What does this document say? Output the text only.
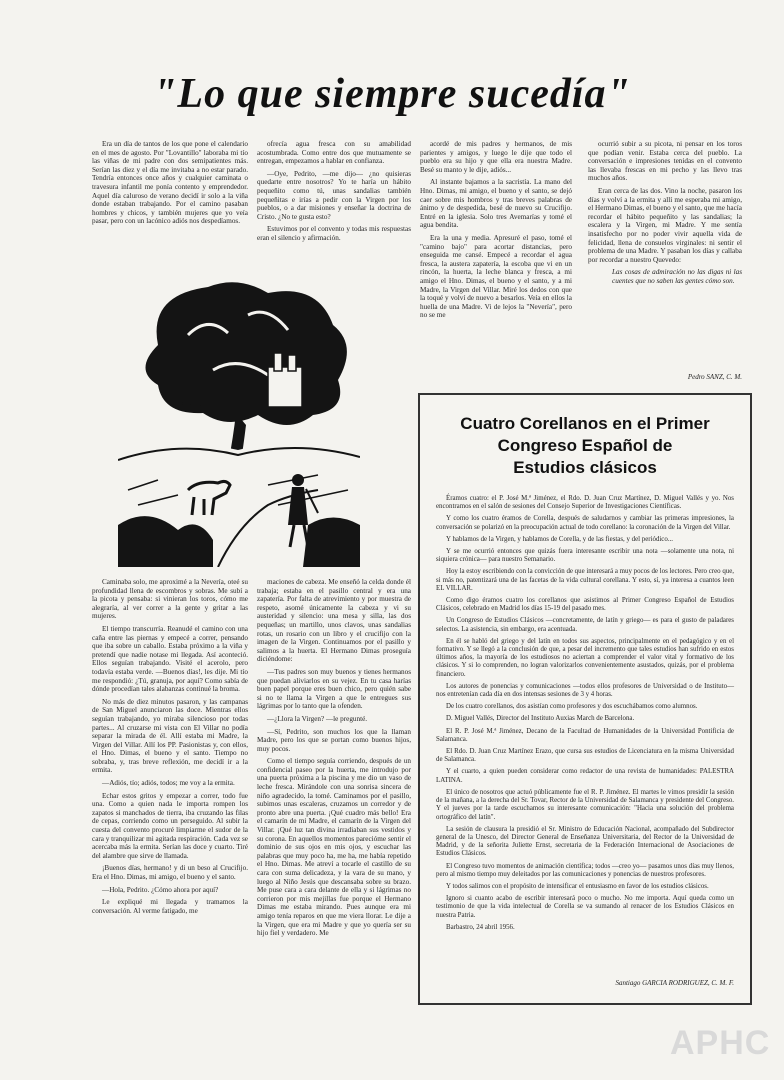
"Lo que siempre sucedía"

Era un día de tantos de los que pone el calendario en el mes de agosto. Por "Lovantillo" laboraba mi tío las viñas de mi padre con dos semipatientes más. Serían las diez y el día me invitaba a no estar parado. Tendría entonces once años y cualquier caminata o travesura infantil me ponía contento y emprendedor. Aquel día caluroso de verano decidí ir solo a la viña donde estaban trabajando. Por el camino pasaban hombres y chicos, y también mujeres que yo veía pasar, pero con un lacónico adiós nos despedíamos.

ofrecía agua fresca con su amabilidad acostumbrada. Como entre dos que mutuamente se entregan, empezamos a hablar en confianza.

—Oye, Pedrito, —me dijo— ¿no quisieras quedarte entre nosotros? Yo te haría un hábito pequeñito como tú, unas sandalias también pequeñitas e irías a pedir con la Virgen por los pueblos, o a dar misiones y enseñar la doctrina de Cristo. ¿No te gusta esto?

Estuvimos por el convento y todas mis respuestas eran el silencio y afirmación.

acordé de mis padres y hermanos, de mis parientes y amigos, y luego le dije que todo el pueblo era su hijo y que ella era nuestra Madre. Besé su manto y le dije, adiós...

Al instante bajamos a la sacristía. La mano del Hno. Dimas, mi amigo, el bueno y el santo, se dejó caer sobre mis hombros y tras breves palabras de ánimo y de despedida, besé de nuevo su Crucifijo. Entré en la iglesia. Solo tres Avemarías y tomé el agua bendita.

Era la una y media. Apresuré el paso, tomé el "camino bajo" para acortar distancias, pero enseguida me cansé. Empecé a recordar el agua fresca, la austera zapatería, la escoba que vi en un rincón, la huerta, la leche blanca y fresca, a mi amigo el Hno. Dimas, el bueno y el santo, y a mi Madre, la Virgen del Villar. Miré los dedos con que la toqué y volví de nuevo a besarlos. Veía en ellos la huella de una Madre. Vi de lejos la "Nevería", pero no se me

ocurrió subir a su picota, ni pensar en los toros que podían venir. Estaba cerca del pueblo. La conversación e impresiones tenidas en el convento las llevaba frescas en mi pecho y las llevo tras muchos años.

Eran cerca de las dos. Vino la noche, pasaron los días y volví a la ermita y allí me esperaba mi amigo, el Hermano Dimas, el bueno y el santo, que me hacía recordar el hábito pequeñito y las sandalias; la escalera y la Virgen, mi Madre. Y me sentía insatisfecho por no poder vivir aquella vida de felicidad, llena de consuelos virginales: ni sentir el problema de una Madre. Y pasaban los días y callaba por recordar a nuestro Quevedo:

Las cosas de admiración no las digas ni las cuentes que no saben las gentes cómo son.

Pedro SANZ, C. M.

Caminaba solo, me aproximé a la Nevería, oteé su profundidad llena de escombros y sobras. Me subí a la picota y pensaba: si vinieran los toros, cómo me alegraría, al ver correr a la gente y gritar a las mujeres.

El tiempo transcurría. Reanudé el camino con una caña entre las piernas y empecé a correr, pensando que iba sobre un caballo. Estaba próximo a la viña y pretendí que nadie notase mi llegada. Así aconteció. Ellos seguían trabajando. Visité el acerolo, pero todavía estaba verde. —Buenos días!, les dije. Mi tío me respondió: ¿Tú, granuja, por aquí? Como sabía de dónde procedían tales alabanzas continué la broma.

No más de diez minutos pasaron, y las campanas de San Miguel anunciaron las doce. Mientras ellos seguían trabajando, yo miraba silencioso por todas partes... Al cruzarse mi vista con El Villar no podía separar la mirada de él. Allí estaba mi Madre, la Virgen del Villar. Allí los PP. Pasionistas y, con ellos, el Hno. Dimas, el bueno y el santo. Tiempo no sobraba, y, tras breve reflexión, me decidí ir a la ermita.

—Adiós, tío; adiós, todos; me voy a la ermita.

Echar estos gritos y empezar a correr, todo fue una. Como a quien nada le importa rompen los zapatos si manchados de tierra, iba cruzando las filas de cepas, corriendo como un perseguido. Al subir la cuesta del convento procuré limpiarme el sudor de la cara y tranquilizar mi agitada respiración. Cada vez se acercaba más la ermita. Serían las doce y cuarto. Tiré del alambre que sirve de llamada.

¡Buenos días, hermano! y di un beso al Crucifijo. Era el Hno. Dimas, mi amigo, el bueno y el santo.

—Hola, Pedrito. ¿Cómo ahora por aquí?

Le expliqué mi llegada y tramamos la conversación. Al verme fatigado, me

maciones de cabeza. Me enseñó la celda donde él trabaja; estaba en el pasillo central y era una zapatería. Por falta de atrevimiento y por muestra de respeto, asomé únicamente la cabeza y vi su austeridad y silencio: una mesa y silla, las dos pequeñas; un martillo, unos clavos, unas sandalias rotas, un rosario con un libro y el crucifijo con la imagen de la Virgen. Continuamos por el pasillo y salimos a la huerta. El Hermano Dimas proseguía diciéndome:

—Tus padres son muy buenos y tienes hermanos que puedan aliviarlos en su vejez. En tu casa harías buen papel porque eres buen chico, pero quién sabe si no te llama la Virgen a que le entregues sus lágrimas por lo tanto que la ofenden.

—¿Llora la Virgen? —le pregunté.

—Sí, Pedrito, son muchos los que la llaman Madre, pero los que se portan como buenos hijos, muy pocos.

Como el tiempo seguía corriendo, después de un confidencial paseo por la huerta, me introdujo por una puerta próxima a la piscina y me dio un vaso de leche fresca. Mirándole con una sonrisa sincera de niño agradecido, la tomé. Caminamos por el pasillo, subimos unas escaleras, cruzamos un corredor y de pronto abre una puerta. ¡Qué cuadro más bello! Era el camarín de mi Madre, el camarín de la Virgen del Villar. ¡Qué luz tan divina irradiaban sus vestidos y su corona. En aquellos momentos parecióme sentir el dominio de sus ojos en mis ojos, y escuchar las palabras que muy poco ha, me ha, me había repetido el Hno. Dimas. Me atreví a tocarle el castillo de su cara con suma delicadeza, y la vara de su mano, y luego al Niño Jesús que descansaba sobre su brazo. Me puse cara a cara delante de ella y si lágrimas no corrieron por mis mejillas fue porque el Hermano Dimas me estaba mirando. Pues aunque era mi amigo tenía reparos en que me viera llorar. Le dije a la Virgen, que era mi Madre y que yo quería ser su hijo fiel y verdadero. Me

Cuatro Corellanos en el Primer
Congreso Español de
Estudios clásicos

Éramos cuatro: el P. José M.ª Jiménez, el Rdo. D. Juan Cruz Martínez, D. Miguel Vallés y yo. Nos encontramos en el salón de sesiones del Consejo Superior de Investigaciones Científicas.

Y como los cuatro éramos de Corella, después de saludarnos y cambiar las primeras impresiones, la conversación se polarizó en la preocupación actual de todo corellano: la coronación de la Virgen del Villar.

Y hablamos de la Virgen, y hablamos de Corella, y de las fiestas, y del periódico...

Y se me ocurrió entonces que quizás fuera interesante escribir una nota —solamente una nota, ni siquiera crónica— para nuestro Semanario.

Hoy la estoy escribiendo con la convicción de que interesará a muy pocos de los lectores. Pero creo que, si más no, patentizará una de las facetas de la vida cultural corellana. Y esto, sí, ya interesa a cuantos leen EL VILLAR.

Como digo éramos cuatro los corellanos que asistimos al Primer Congreso Español de Estudios Clásicos, celebrado en Madrid los días 15-19 del pasado mes.

Un Congreso de Estudios Clásicos —concretamente, de latín y griego— es para el gusto de paladares selectos. La asistencia, sin embargo, era acentuada.

En él se habló del griego y del latín en todos sus aspectos, principalmente en el pedagógico y en el formativo. Y se llegó a la conclusión de que, a pesar del incremento que tales estudios han sufrido en estos últimos años, la mayoría de los estudiosos no aciertan a comprender el valor vital y formativo de los clásicos. Y si lo comprenden, no logran valorizarlos convenientemente asustados, quizás, por el problema financiero.

Los autores de ponencias y comunicaciones —todos ellos profesores de Universidad o de Instituto— nos entretenían cada día en dos intensas sesiones de 3 y 4 horas.

De los cuatro corellanos, dos asistían como profesores y dos escuchábamos como alumnos.

D. Miguel Vallés, Director del Instituto Auxias March de Barcelona.

El R. P. José M.ª Jiménez, Decano de la Facultad de Humanidades de la Universidad Pontificia de Salamanca.

El Rdo. D. Juan Cruz Martínez Erazo, que cursa sus estudios de Licenciatura en la misma Universidad de Salamanca.

Y el cuarto, a quien pueden considerar como redactor de una revista de humanidades: PALESTRA LATINA.

El único de nosotros que actuó públicamente fue el R. P. Jiménez. El martes le vimos presidir la sesión de la mañana, a la derecha del Sr. Tovar, Rector de la Universidad de Salamanca y presidente del Congreso. Y el jueves por la tarde escuchamos su interesante comunicación: "Hacia una solución del problema ortográfico del latín".

La sesión de clausura la presidió el Sr. Ministro de Educación Nacional, acompañado del Subdirector general de la Unesco, del Director General de Enseñanza Universitaria, del Rector de la Universidad de Madrid, y de la señorita Juliette Ernst, secretaria de la Federación Internacional de Asociaciones de Estudios Clásicos.

El Congreso tuvo momentos de animación científica; todos —creo yo— pasamos unos días muy llenos, pero al mismo tiempo muy deleitados por las comunicaciones y ponencias de nuestros profesores.

Y todos salimos con el propósito de intensificar el entusiasmo en favor de los estudios clásicos.

Ignoro si cuanto acabo de escribir interesará poco o mucho. No me importa. Aquí queda como un testimonio de que la vida intelectual de Corella se va sumando al renacer de los Estudios Clásicos en nuestra Patria.

Barbastro, 24 abril 1956.

Santiago GARCIA RODRIGUEZ, C. M. F.
APHC
